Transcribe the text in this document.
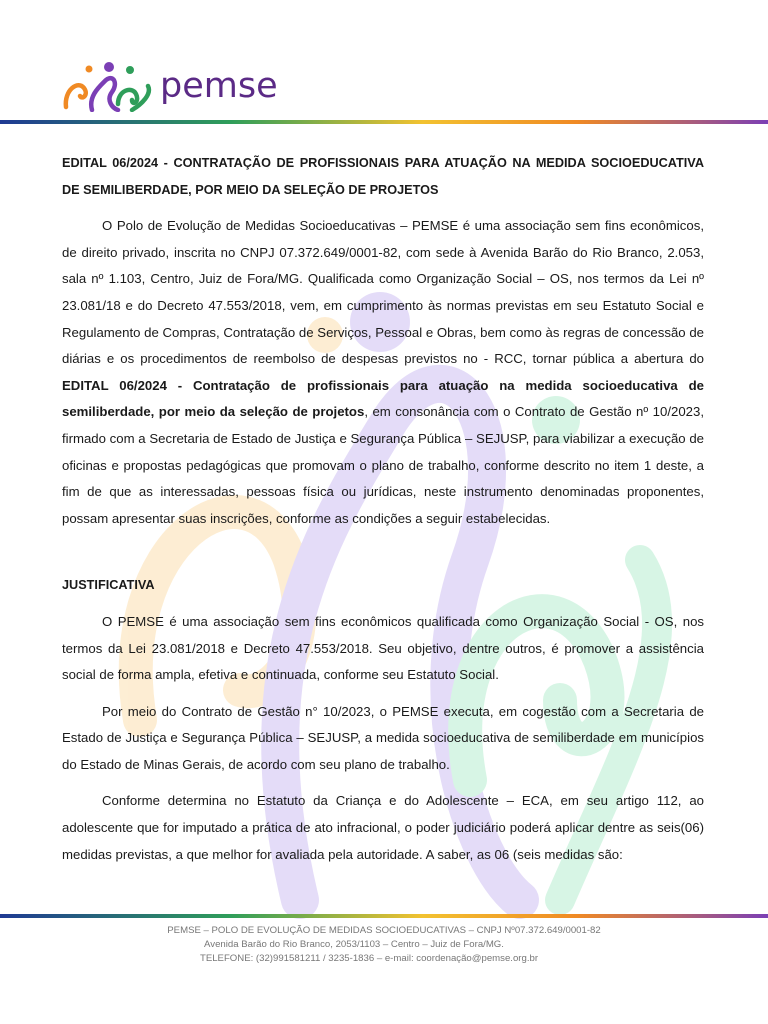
pemse

EDITAL 06/2024 - CONTRATAÇÃO DE PROFISSIONAIS PARA ATUAÇÃO NA MEDIDA SOCIOEDUCATIVA DE SEMILIBERDADE, POR MEIO DA SELEÇÃO DE PROJETOS

O Polo de Evolução de Medidas Socioeducativas – PEMSE é uma associação sem fins econômicos, de direito privado, inscrita no CNPJ 07.372.649/0001-82, com sede à Avenida Barão do Rio Branco, 2.053, sala nº 1.103, Centro, Juiz de Fora/MG. Qualificada como Organização Social – OS, nos termos da Lei nº 23.081/18 e do Decreto 47.553/2018, vem, em cumprimento às normas previstas em seu Estatuto Social e Regulamento de Compras, Contratação de Serviços, Pessoal e Obras, bem como às regras de concessão de diárias e os procedimentos de reembolso de despesas previstos no - RCC, tornar pública a abertura do EDITAL 06/2024 - Contratação de profissionais para atuação na medida socioeducativa de semiliberdade, por meio da seleção de projetos, em consonância com o Contrato de Gestão nº 10/2023, firmado com a Secretaria de Estado de Justiça e Segurança Pública – SEJUSP, para viabilizar a execução de oficinas e propostas pedagógicas que promovam o plano de trabalho, conforme descrito no item 1 deste, a fim de que as interessadas, pessoas física ou jurídicas, neste instrumento denominadas proponentes, possam apresentar suas inscrições, conforme as condições a seguir estabelecidas.

JUSTIFICATIVA

O PEMSE é uma associação sem fins econômicos qualificada como Organização Social - OS, nos termos da Lei 23.081/2018 e Decreto 47.553/2018. Seu objetivo, dentre outros, é promover a assistência social de forma ampla, efetiva e continuada, conforme seu Estatuto Social.

Por meio do Contrato de Gestão n° 10/2023, o PEMSE executa, em cogestão com a Secretaria de Estado de Justiça e Segurança Pública – SEJUSP, a medida socioeducativa de semiliberdade em municípios do Estado de Minas Gerais, de acordo com seu plano de trabalho.

Conforme determina no Estatuto da Criança e do Adolescente – ECA, em seu artigo 112, ao adolescente que for imputado a prática de ato infracional, o poder judiciário poderá aplicar dentre as seis(06) medidas previstas, a que melhor for avaliada pela autoridade. A saber, as 06 (seis medidas são:

PEMSE – POLO DE EVOLUÇÃO DE MEDIDAS SOCIOEDUCATIVAS – CNPJ Nº07.372.649/0001-82
Avenida Barão do Rio Branco, 2053/1103 – Centro – Juiz de Fora/MG.
TELEFONE: (32)991581211 / 3235-1836 – e-mail: coordenação@pemse.org.br
